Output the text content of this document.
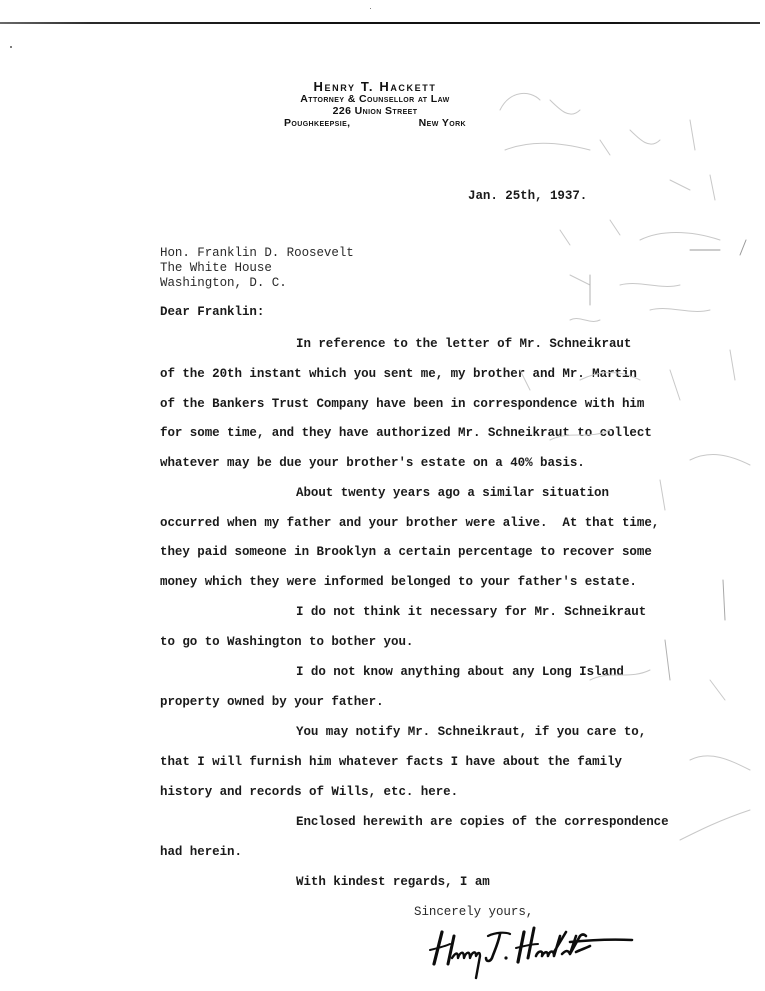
Henry T. Hackett
Attorney & Counsellor at Law
226 Union Street
Poughkeepsie,	New York
Jan. 25th, 1937.
Hon. Franklin D. Roosevelt
The White House
Washington, D. C.
Dear Franklin:
In reference to the letter of Mr. Schneikraut
of the 20th instant which you sent me, my brother and Mr. Martin
of the Bankers Trust Company have been in correspondence with him
for some time, and they have authorized Mr. Schneikraut to collect
whatever may be due your brother's estate on a 40% basis.
About twenty years ago a similar situation
occurred when my father and your brother were alive.  At that time,
they paid someone in Brooklyn a certain percentage to recover some
money which they were informed belonged to your father's estate.
I do not think it necessary for Mr. Schneikraut
to go to Washington to bother you.
I do not know anything about any Long Island
property owned by your father.
You may notify Mr. Schneikraut, if you care to,
that I will furnish him whatever facts I have about the family
history and records of Wills, etc. here.
Enclosed herewith are copies of the correspondence
had herein.
With kindest regards, I am
Sincerely yours,
